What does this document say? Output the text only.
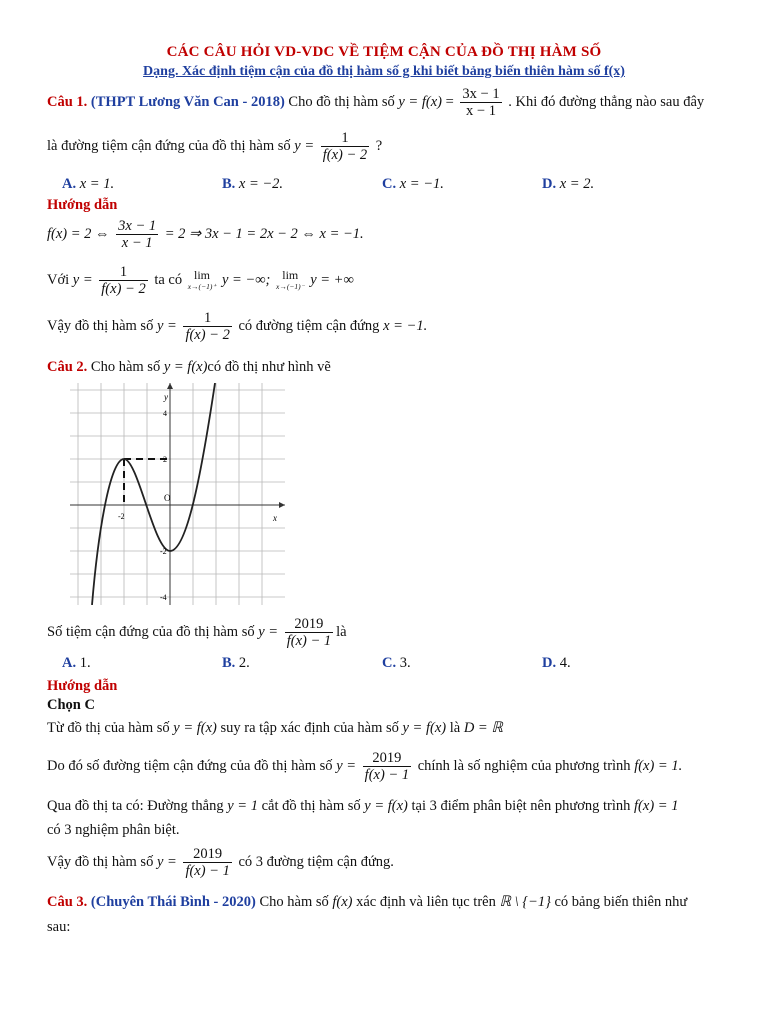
CÁC CÂU HỎI VD-VDC VỀ TIỆM CẬN CỦA ĐỒ THỊ HÀM SỐ
Dạng. Xác định tiệm cận của đồ thị hàm số g khi biết bảng biến thiên hàm số f(x)
Câu 1. (THPT Lương Văn Can - 2018) Cho đồ thị hàm số $y = f(x) = \frac{3x - 1}{x - 1}$ . Khi đó đường thẳng nào sau đây
là đường tiệm cận đứng của đồ thị hàm số $y = \frac{1}{f(x) - 2}$ ?
A. x = 1.	B. x = −2.	C. x = −1.	D. x = 2.
Hướng dẫn
f(x) = 2 ⇔ $\frac{3x - 1}{x - 1} = 2$ ⇒ 3x − 1 = 2x − 2 ⇔ x = −1.
Với $y = \frac{1}{f(x) - 2}$ ta có lim
x→(−1)⁺ y = −∞; lim
x→(−1)⁻ y = +∞
Vậy đồ thị hàm số $y = \frac{1}{f(x) - 2}$ có đường tiệm cận đứng x = −1.
Câu 2. Cho hàm số y = f(x)có đồ thị như hình vẽ
y
x
O
4
2
-2
-4
-2
Số tiệm cận đứng của đồ thị hàm số $y = \frac{2019}{f(x) - 1}$ là
A. 1.	B. 2.	C. 3.	D. 4.
Hướng dẫn
Chọn C
Từ đồ thị của hàm số y = f(x) suy ra tập xác định của hàm số y = f(x) là D = ℝ
Do đó số đường tiệm cận đứng của đồ thị hàm số $y = \frac{2019}{f(x) - 1}$ chính là số nghiệm của phương trình f(x) = 1.
Qua đồ thị ta có: Đường thẳng y = 1 cắt đồ thị hàm số y = f(x) tại 3 điểm phân biệt nên phương trình f(x) = 1
có 3 nghiệm phân biệt.
Vậy đồ thị hàm số $y = \frac{2019}{f(x) - 1}$ có 3 đường tiệm cận đứng.
Câu 3. (Chuyên Thái Bình - 2020) Cho hàm số f(x) xác định và liên tục trên ℝ \ {−1} có bảng biến thiên như
sau:
